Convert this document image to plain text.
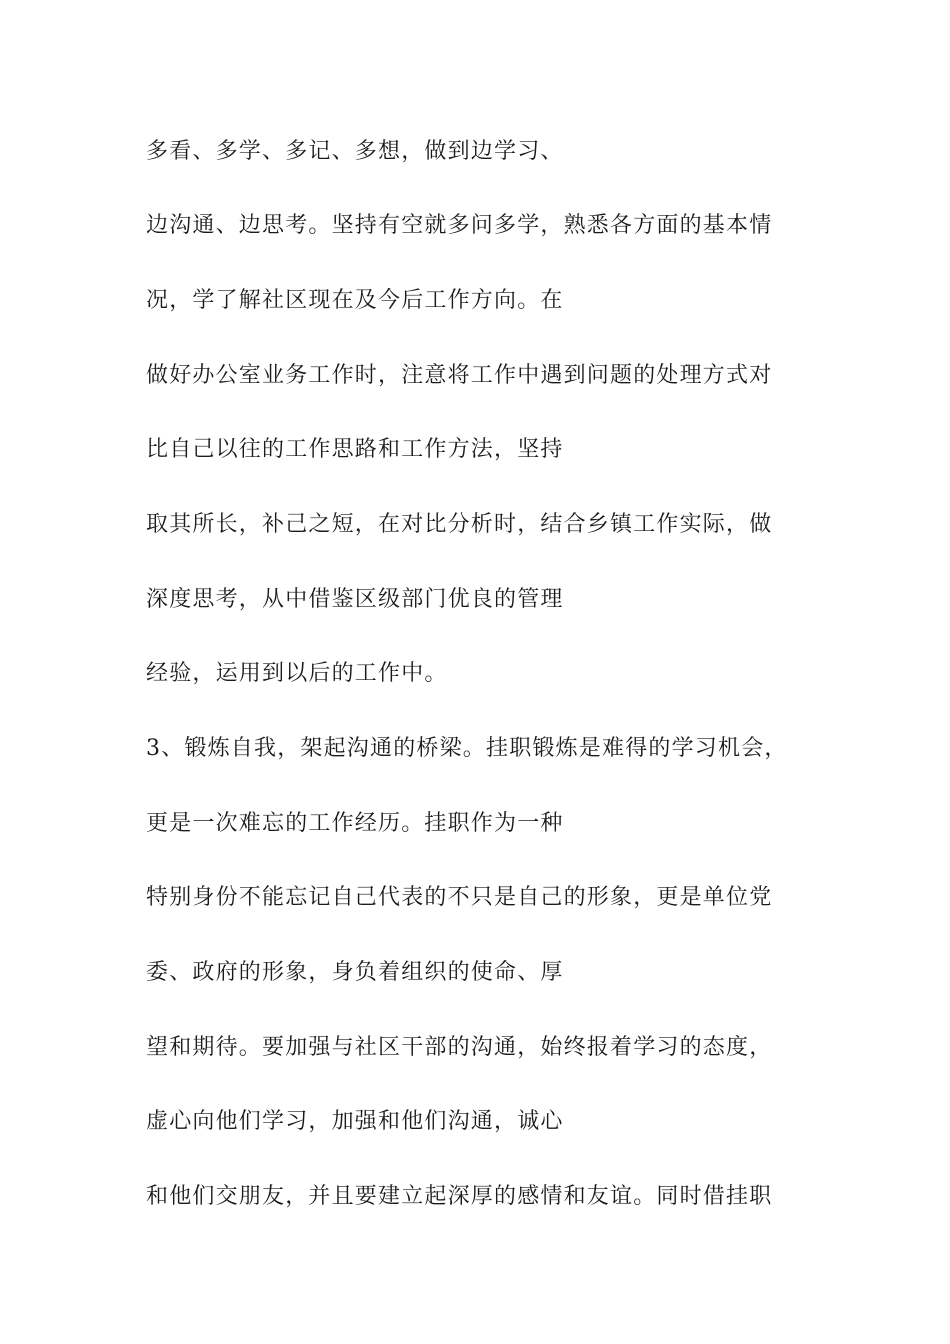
多看、多学、多记、多想，做到边学习、

边沟通、边思考。坚持有空就多问多学，熟悉各方面的基本情

况，学了解社区现在及今后工作方向。在

做好办公室业务工作时，注意将工作中遇到问题的处理方式对

比自己以往的工作思路和工作方法，坚持

取其所长，补己之短，在对比分析时，结合乡镇工作实际，做

深度思考，从中借鉴区级部门优良的管理

经验，运用到以后的工作中。

3、锻炼自我，架起沟通的桥梁。挂职锻炼是难得的学习机会，

更是一次难忘的工作经历。挂职作为一种

特别身份不能忘记自己代表的不只是自己的形象，更是单位党

委、政府的形象，身负着组织的使命、厚

望和期待。要加强与社区干部的沟通，始终报着学习的态度，

虚心向他们学习，加强和他们沟通，诚心

和他们交朋友，并且要建立起深厚的感情和友谊。同时借挂职
